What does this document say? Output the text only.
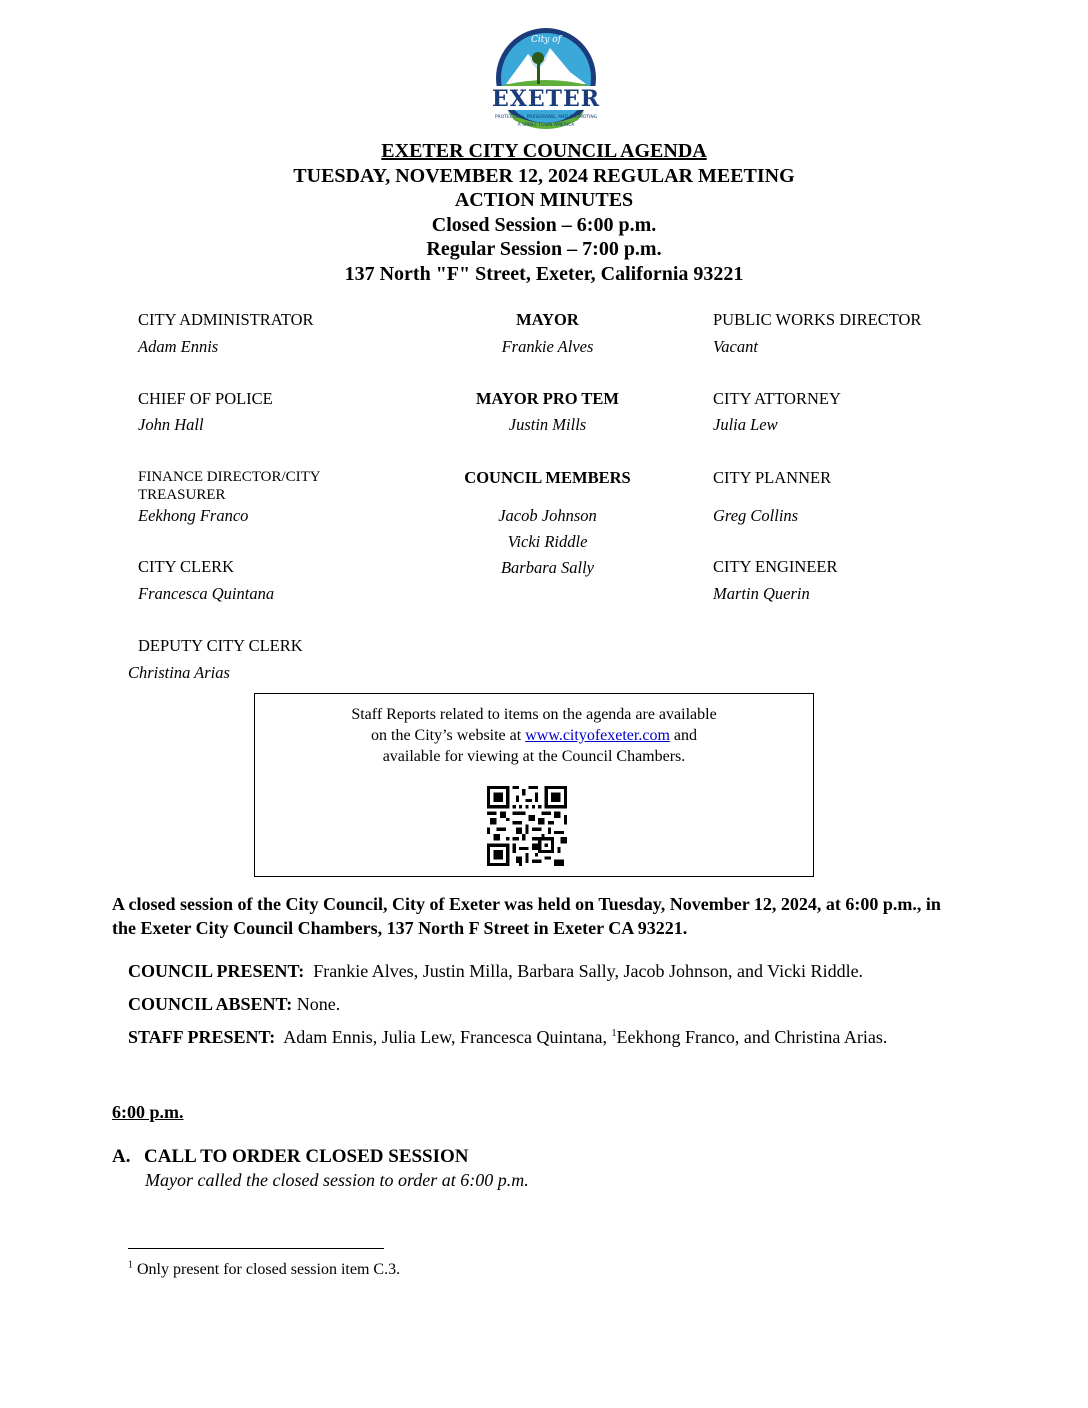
City of
EXETER
PROTECTING, PRESERVING, AND PROMOTING
A SMALL TOWN AMERICA
EXETER CITY COUNCIL AGENDA
TUESDAY, NOVEMBER 12, 2024 REGULAR MEETING
ACTION MINUTES
Closed Session – 6:00 p.m.
Regular Session – 7:00 p.m.
137 North "F" Street, Exeter, California 93221
CITY ADMINISTRATOR
Adam Ennis
MAYOR
Frankie Alves
PUBLIC WORKS DIRECTOR
Vacant
CHIEF OF POLICE
John Hall
MAYOR PRO TEM
Justin Mills
CITY ATTORNEY
Julia Lew
FINANCE DIRECTOR/CITY
TREASURER
Eekhong Franco
COUNCIL MEMBERS
Jacob Johnson
Vicki Riddle
Barbara Sally
CITY PLANNER
Greg Collins
CITY CLERK
Francesca Quintana
CITY ENGINEER
Martin Querin
DEPUTY CITY CLERK
Christina Arias
Staff Reports related to items on the agenda are available
on the City’s website at www.cityofexeter.com and
available for viewing at the Council Chambers.
A closed session of the City Council, City of Exeter was held on Tuesday, November 12, 2024, at 6:00 p.m., in the Exeter City Council Chambers, 137 North F Street in Exeter CA 93221.
COUNCIL PRESENT: Frankie Alves, Justin Milla, Barbara Sally, Jacob Johnson, and Vicki Riddle.
COUNCIL ABSENT: None.
STAFF PRESENT: Adam Ennis, Julia Lew, Francesca Quintana, $^1$Eekhong Franco, and Christina Arias.
6:00 p.m.
A. CALL TO ORDER CLOSED SESSION
Mayor called the closed session to order at 6:00 p.m.
$^1$ Only present for closed session item C.3.
